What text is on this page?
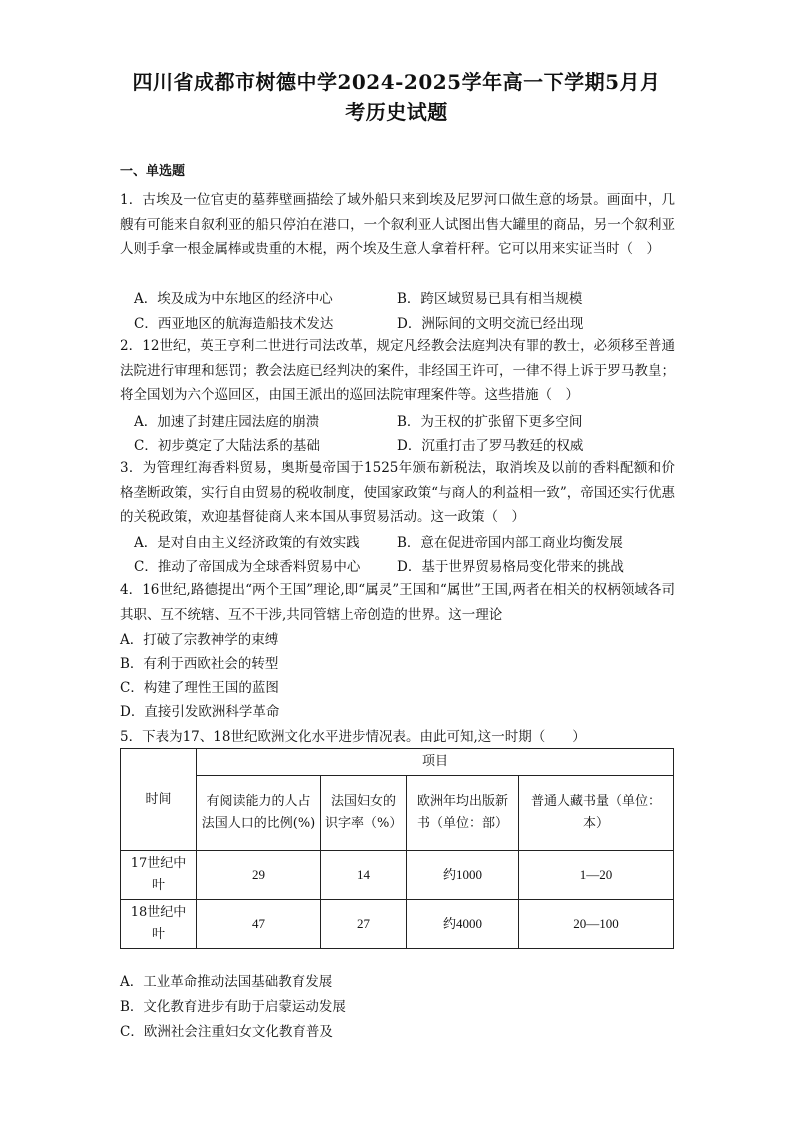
四川省成都市树德中学2024-2025学年高一下学期5月月
考历史试题
一、单选题

1．古埃及一位官吏的墓葬壁画描绘了域外船只来到埃及尼罗河口做生意的场景。画面中，几艘有可能来自叙利亚的船只停泊在港口，一个叙利亚人试图出售大罐里的商品，另一个叙利亚人则手拿一根金属棒或贵重的木棍，两个埃及生意人拿着杆秤。它可以用来实证当时（　）

A．埃及成为中东地区的经济中心	B．跨区域贸易已具有相当规模
C．西亚地区的航海造船技术发达	D．洲际间的文明交流已经出现

2．12世纪，英王亨利二世进行司法改革，规定凡经教会法庭判决有罪的教士，必须移至普通法院进行审理和惩罚；教会法庭已经判决的案件，非经国王许可，一律不得上诉于罗马教皇；将全国划为六个巡回区，由国王派出的巡回法院审理案件等。这些措施（　）

A．加速了封建庄园法庭的崩溃	B．为王权的扩张留下更多空间
C．初步奠定了大陆法系的基础	D．沉重打击了罗马教廷的权威

3．为管理红海香料贸易，奥斯曼帝国于1525年颁布新税法，取消埃及以前的香料配额和价格垄断政策，实行自由贸易的税收制度，使国家政策“与商人的利益相一致”，帝国还实行优惠的关税政策，欢迎基督徒商人来本国从事贸易活动。这一政策（　）

A．是对自由主义经济政策的有效实践	B．意在促进帝国内部工商业均衡发展
C．推动了帝国成为全球香料贸易中心	D．基于世界贸易格局变化带来的挑战

4．16世纪,路德提出“两个王国”理论,即“属灵”王国和“属世”王国,两者在相关的权柄领域各司其职、互不统辖、互不干涉,共同管辖上帝创造的世界。这一理论

A．打破了宗教神学的束缚
B．有利于西欧社会的转型
C．构建了理性王国的蓝图
D．直接引发欧洲科学革命
5．下表为17、18世纪欧洲文化水平进步情况表。由此可知,这一时期（　　）
时间	项目			
	有阅读能力的人占法国人口的比例(%)	法国妇女的识字率（%）	欧洲年均出版新书（单位：部）	普通人藏书量（单位：本）
17世纪中叶	29	14	约1000	1—20
18世纪中叶	47	27	约4000	20—100
A．工业革命推动法国基础教育发展
B．文化教育进步有助于启蒙运动发展
C．欧洲社会注重妇女文化教育普及
